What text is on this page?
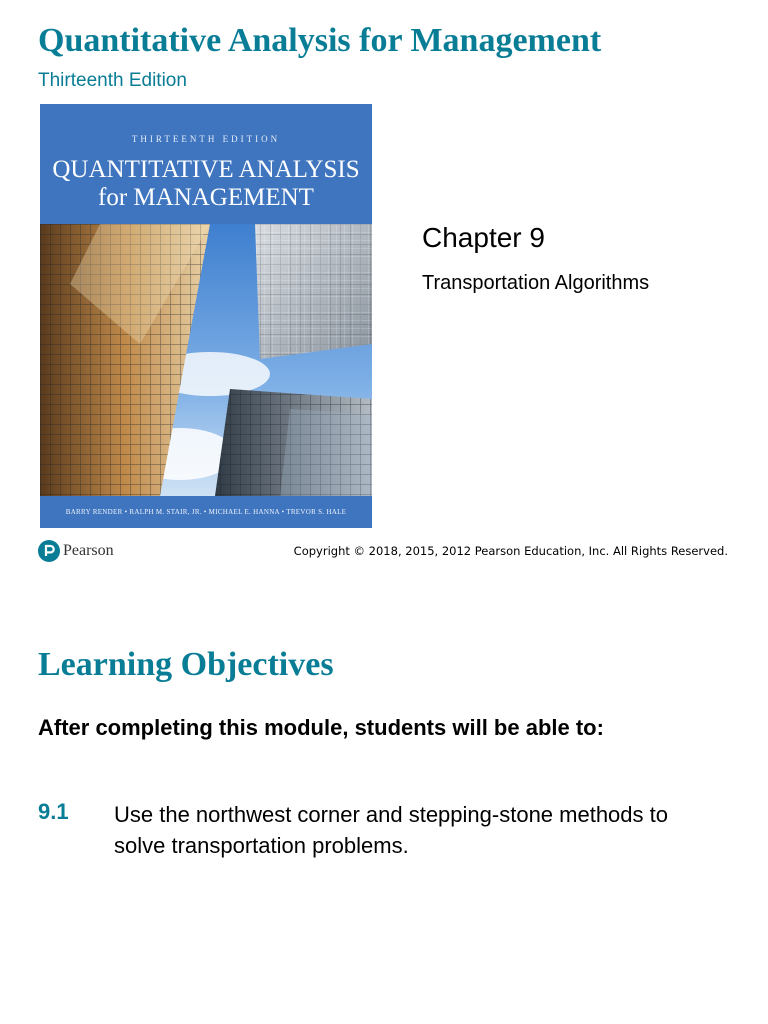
Quantitative Analysis for Management
Thirteenth Edition
THIRTEENTH EDITION
QUANTITATIVE ANALYSIS
for MANAGEMENT
BARRY RENDER • RALPH M. STAIR, JR. • MICHAEL E. HANNA • TREVOR S. HALE
Chapter 9
Transportation Algorithms
Pearson	Copyright © 2018, 2015, 2012 Pearson Education, Inc. All Rights Reserved.
Learning Objectives
After completing this module, students will be able to:
9.1	Use the northwest corner and stepping-stone methods to solve transportation problems.
